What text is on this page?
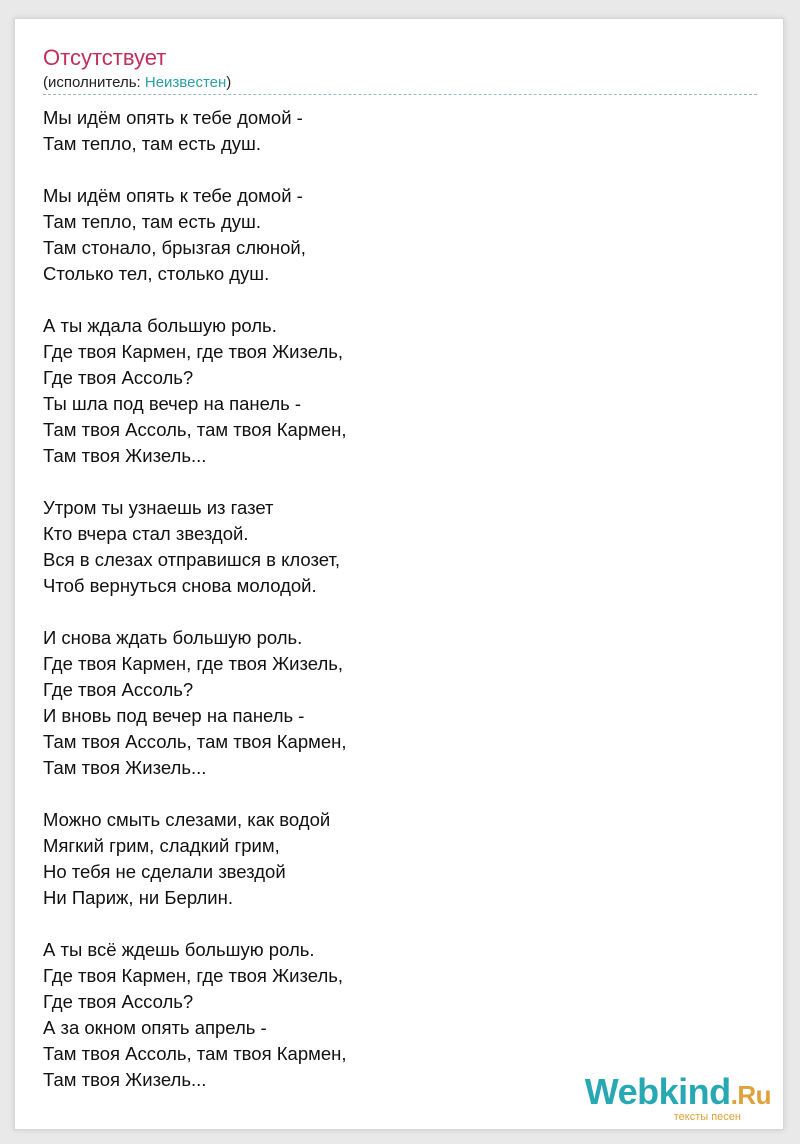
Отсутствует
(исполнитель: Неизвестен)
Мы идём опять к тебе домой -
Там тепло, там есть душ.
Мы идём опять к тебе домой -
Там тепло, там есть душ.
Там стонало, брызгая слюной,
Столько тел, столько душ.
А ты ждала большую роль.
Где твоя Кармен, где твоя Жизель,
Где твоя Ассоль?
Ты шла под вечер на панель -
Там твоя Ассоль, там твоя Кармен,
Там твоя Жизель...
Утром ты узнаешь из газет
Кто вчера стал звездой.
Вся в слезах отправишся в клозет,
Чтоб вернуться снова молодой.
И снова ждать большую роль.
Где твоя Кармен, где твоя Жизель,
Где твоя Ассоль?
И вновь под вечер на панель -
Там твоя Ассоль, там твоя Кармен,
Там твоя Жизель...
Можно смыть слезами, как водой
Мягкий грим, сладкий грим,
Но тебя не сделали звездой
Ни Париж, ни Берлин.
А ты всё ждешь большую роль.
Где твоя Кармен, где твоя Жизель,
Где твоя Ассоль?
А за окном опять апрель -
Там твоя Ассоль, там твоя Кармен,
Там твоя Жизель...	Webkind.Ru
тексты песен
